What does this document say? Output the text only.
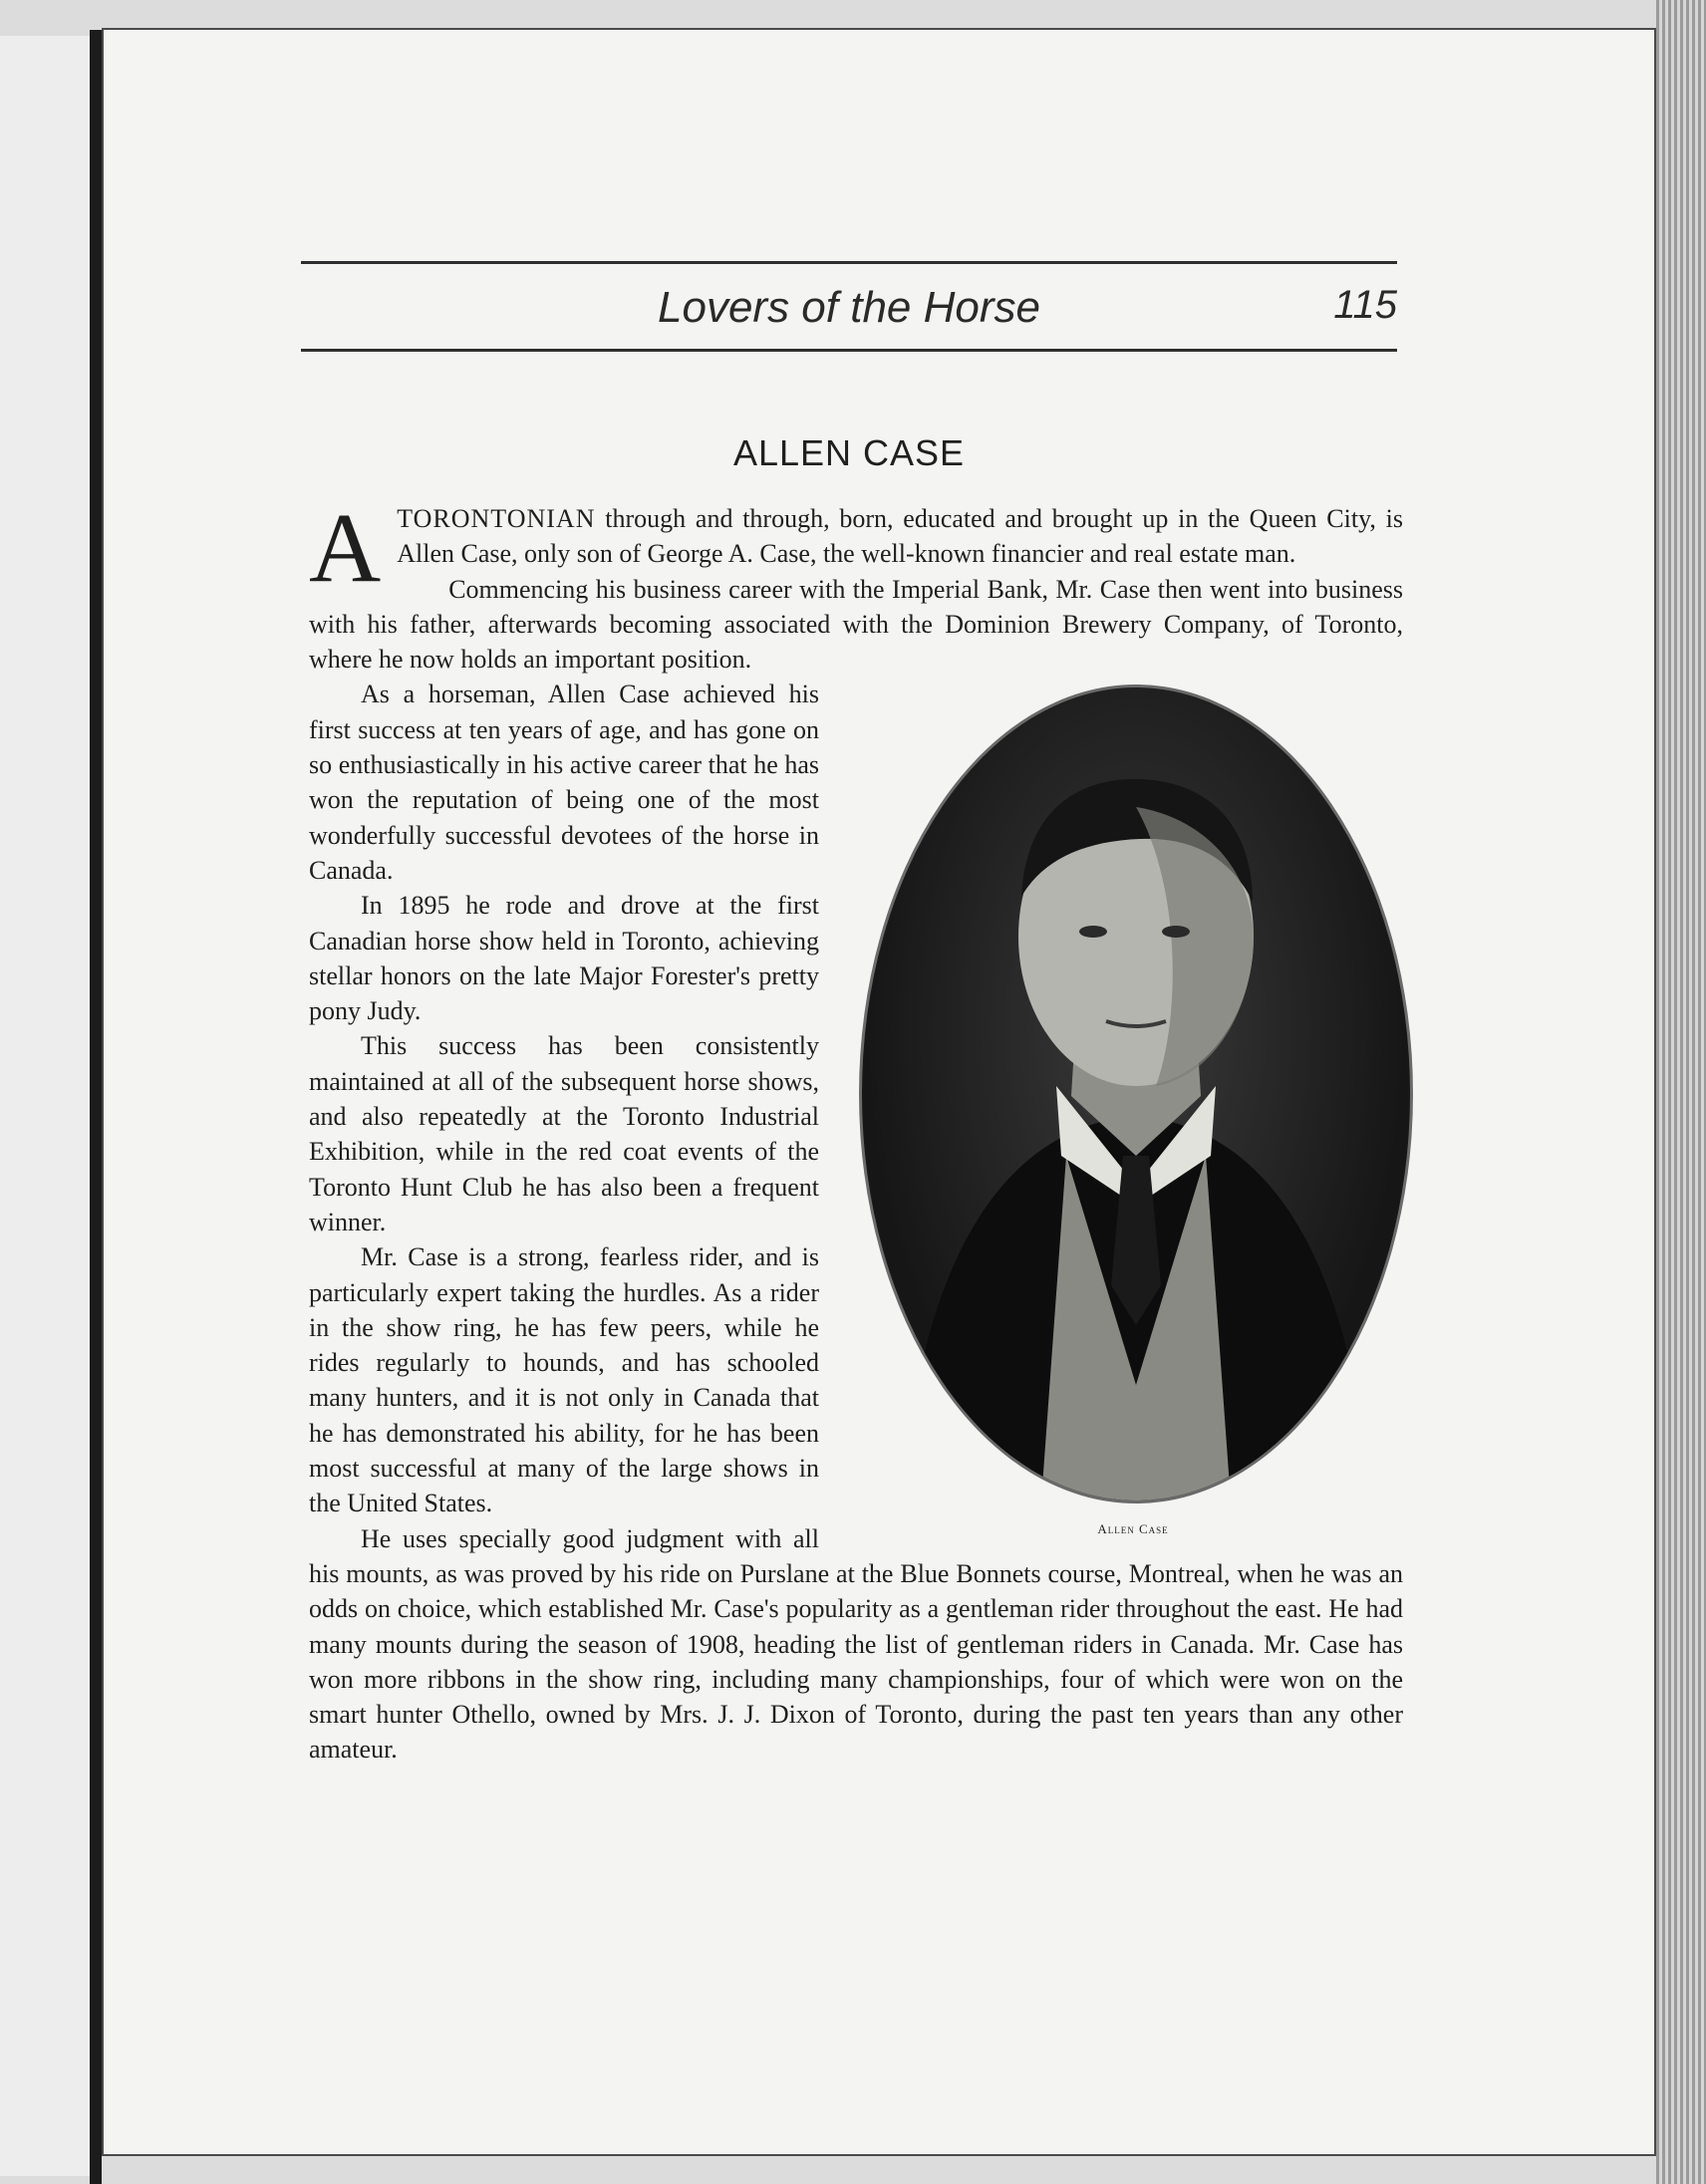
Lovers of the Horse	115
ALLEN CASE

ATORONTONIAN through and through, born, educated and brought up in the Queen City, is Allen Case, only son of George A. Case, the well-known financier and real estate man.

Commencing his business career with the Imperial Bank, Mr. Case then went into business with his father, afterwards becoming associated with the Dominion Brewery Company, of Toronto, where he now holds an important position.

Allen Case

As a horseman, Allen Case achieved his first success at ten years of age, and has gone on so enthusiastically in his active career that he has won the reputation of being one of the most wonderfully successful devotees of the horse in Canada.

In 1895 he rode and drove at the first Canadian horse show held in Toronto, achieving stellar honors on the late Major Forester's pretty pony Judy.

This success has been consistently maintained at all of the subsequent horse shows, and also repeatedly at the Toronto Industrial Exhibition, while in the red coat events of the Toronto Hunt Club he has also been a frequent winner.

Mr. Case is a strong, fearless rider, and is particularly expert taking the hurdles. As a rider in the show ring, he has few peers, while he rides regularly to hounds, and has schooled many hunters, and it is not only in Canada that he has demonstrated his ability, for he has been most successful at many of the large shows in the United States.

He uses specially good judgment with all his mounts, as was proved by his ride on Purslane at the Blue Bonnets course, Montreal, when he was an odds on choice, which established Mr. Case's popularity as a gentleman rider throughout the east. He had many mounts during the season of 1908, heading the list of gentleman riders in Canada. Mr. Case has won more ribbons in the show ring, including many championships, four of which were won on the smart hunter Othello, owned by Mrs. J. J. Dixon of Toronto, during the past ten years than any other amateur.
